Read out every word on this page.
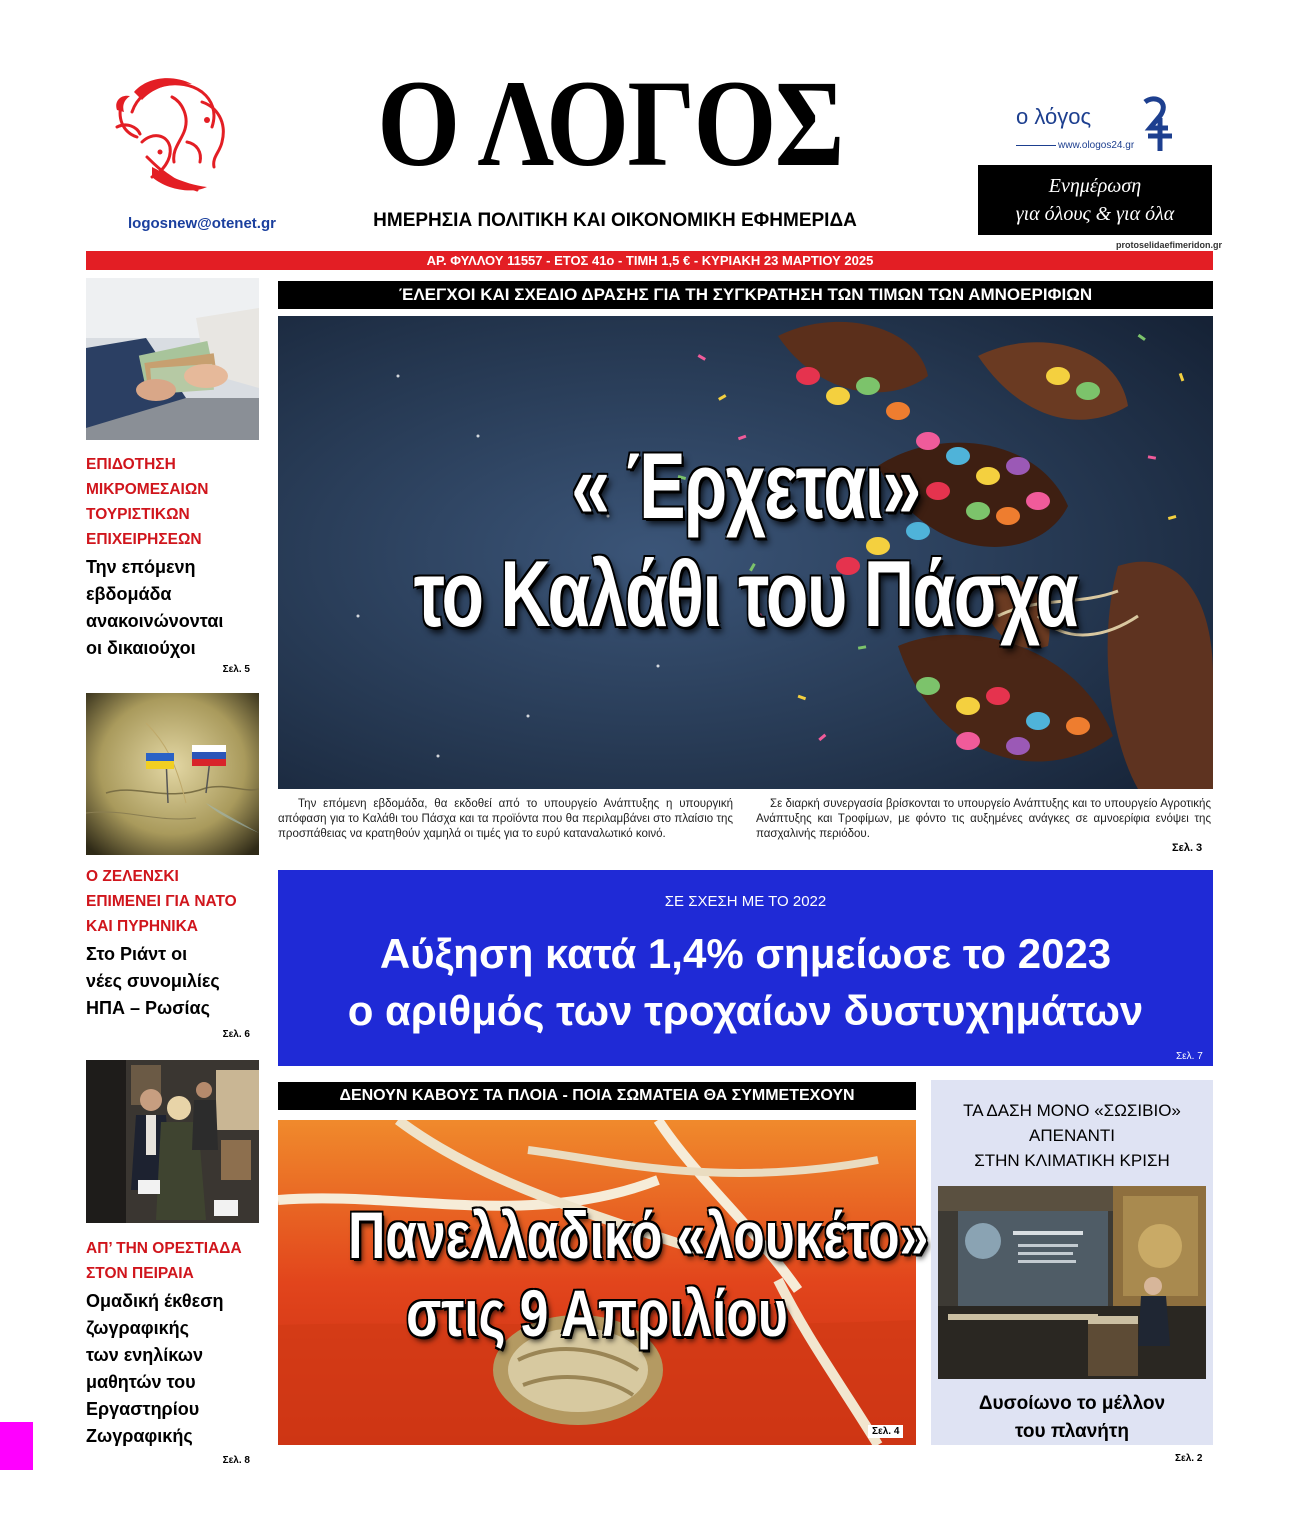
logosnew@otenet.gr
Ο ΛΟΓΟΣ
ΗΜΕΡΗΣΙΑ ΠΟΛΙΤΙΚΗ ΚΑΙ ΟΙΚΟΝΟΜΙΚΗ ΕΦΗΜΕΡΙΔΑ
ο λόγος
www.ologos24.gr
Ενημέρωση
για όλους & για όλα
protoselidaefimeridon.gr
ΑΡ. ΦΥΛΛΟΥ 11557 - ΕΤΟΣ 41ο - ΤΙΜΗ 1,5 € - ΚΥΡΙΑΚΗ 23 ΜΑΡΤΙΟΥ 2025
ΕΠΙΔΟΤΗΣΗ
ΜΙΚΡΟΜΕΣΑΙΩΝ
ΤΟΥΡΙΣΤΙΚΩΝ
ΕΠΙΧΕΙΡΗΣΕΩΝ
Την επόμενη
εβδομάδα
ανακοινώνονται
οι δικαιούχοι
Σελ. 5
Ο ΖΕΛΕΝΣΚΙ
ΕΠΙΜΕΝΕΙ ΓΙΑ ΝΑΤΟ
ΚΑΙ ΠΥΡΗΝΙΚΑ
Στο Ριάντ οι
νέες συνομιλίες
ΗΠΑ – Ρωσίας
Σελ. 6
ΑΠ’ ΤΗΝ ΟΡΕΣΤΙΑΔΑ
ΣΤΟΝ ΠΕΙΡΑΙΑ
Ομαδική έκθεση
ζωγραφικής
των ενηλίκων
μαθητών του
Εργαστηρίου
Ζωγραφικής
Σελ. 8
ΈΛΕΓΧΟΙ ΚΑΙ ΣΧΕΔΙΟ ΔΡΑΣΗΣ ΓΙΑ ΤΗ ΣΥΓΚΡΑΤΗΣΗ ΤΩΝ ΤΙΜΩΝ ΤΩΝ ΑΜΝΟΕΡΙΦΙΩΝ
« Έρχεται»
το Καλάθι του Πάσχα
Την επόμενη εβδομάδα, θα εκδοθεί από το υπουργείο Ανάπτυξης η υπουργική απόφαση για το Καλάθι του Πάσχα και τα προϊόντα που θα περιλαμβάνει στο πλαίσιο της προσπάθειας να κρατηθούν χαμηλά οι τιμές για το ευρύ καταναλωτικό κοινό.
Σε διαρκή συνεργασία βρίσκονται το υπουργείο Ανάπτυξης και το υπουργείο Αγροτικής Ανάπτυξης και Τροφίμων, με φόντο τις αυξημένες ανάγκες σε αμνοερίφια ενόψει της πασχαλινής περιόδου.
Σελ. 3
ΣΕ ΣΧΕΣΗ ΜΕ ΤΟ 2022
Αύξηση κατά 1,4% σημείωσε το 2023
ο αριθμός των τροχαίων δυστυχημάτων
Σελ. 7
ΔΕΝΟΥΝ ΚΑΒΟΥΣ ΤΑ ΠΛΟΙΑ - ΠΟΙΑ ΣΩΜΑΤΕΙΑ ΘΑ ΣΥΜΜΕΤΕΧΟΥΝ
Πανελλαδικό «λουκέτο»
στις 9 Απριλίου
Σελ. 4
ΤΑ ΔΑΣΗ ΜΟΝΟ «ΣΩΣΙΒΙΟ»
ΑΠΕΝΑΝΤΙ
ΣΤΗΝ ΚΛΙΜΑΤΙΚΗ ΚΡΙΣΗ
Δυσοίωνο το μέλλον
του πλανήτη
Σελ. 2
